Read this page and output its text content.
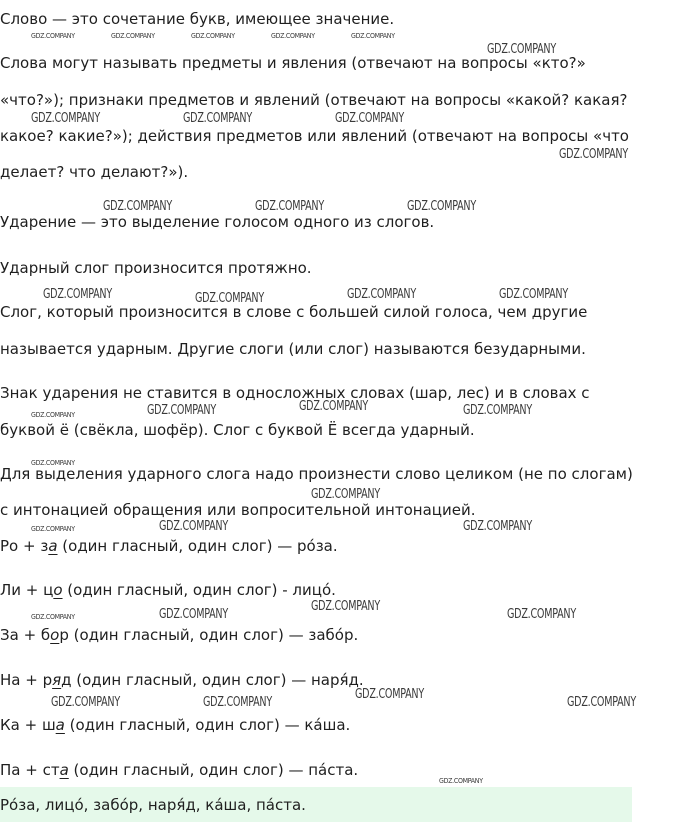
Слово — это сочетание букв, имеющее значение.
Слова могут называть предметы и явления (отвечают на вопросы «кто?»
«что?»); признаки предметов и явлений (отвечают на вопросы «какой? какая?
какое? какие?»); действия предметов или явлений (отвечают на вопросы «что
делает? что делают?»).
Ударение — это выделение голосом одного из слогов.
Ударный слог произносится протяжно.
Слог, который произносится в слове с большей силой голоса, чем другие
называется ударным. Другие слоги (или слог) называются безударными.
Знак ударения не ставится в односложных словах (шар, лес) и в словах с
буквой ё (свёкла, шофёр). Слог с буквой Ё всегда ударный.
Для выделения ударного слога надо произнести слово целиком (не по слогам)
с интонацией обращения или вопросительной интонацией.
Ро + за (один гласный, один слог) — ро́за.
Ли + цо (один гласный, один слог) - лицо́.
За + бор (один гласный, один слог) — забо́р.
На + ряд (один гласный, один слог) — наря́д.
Ка + ша (один гласный, один слог) — ка́ша.
Па + ста (один гласный, один слог) — па́ста.
Ро́за, лицо́, забо́р, наря́д, ка́ша, па́ста.
GDZ.COMPANY	GDZ.COMPANY	GDZ.COMPANY	GDZ.COMPANY	GDZ.COMPANY
GDZ.COMPANY
GDZ.COMPANY
GDZ.COMPANY
GDZ.COMPANY
GDZ.COMPANY
GDZ.COMPANY
GDZ.COMPANY	GDZ.COMPANY	GDZ.COMPANY
GDZ.COMPANY
GDZ.COMPANY	GDZ.COMPANY	GDZ.COMPANY
GDZ.COMPANY	GDZ.COMPANY	GDZ.COMPANY	GDZ.COMPANY
GDZ.COMPANY	GDZ.COMPANY	GDZ.COMPANY
GDZ.COMPANY
GDZ.COMPANY	GDZ.COMPANY
GDZ.COMPANY
GDZ.COMPANY	GDZ.COMPANY
GDZ.COMPANY
GDZ.COMPANY	GDZ.COMPANY	GDZ.COMPANY
